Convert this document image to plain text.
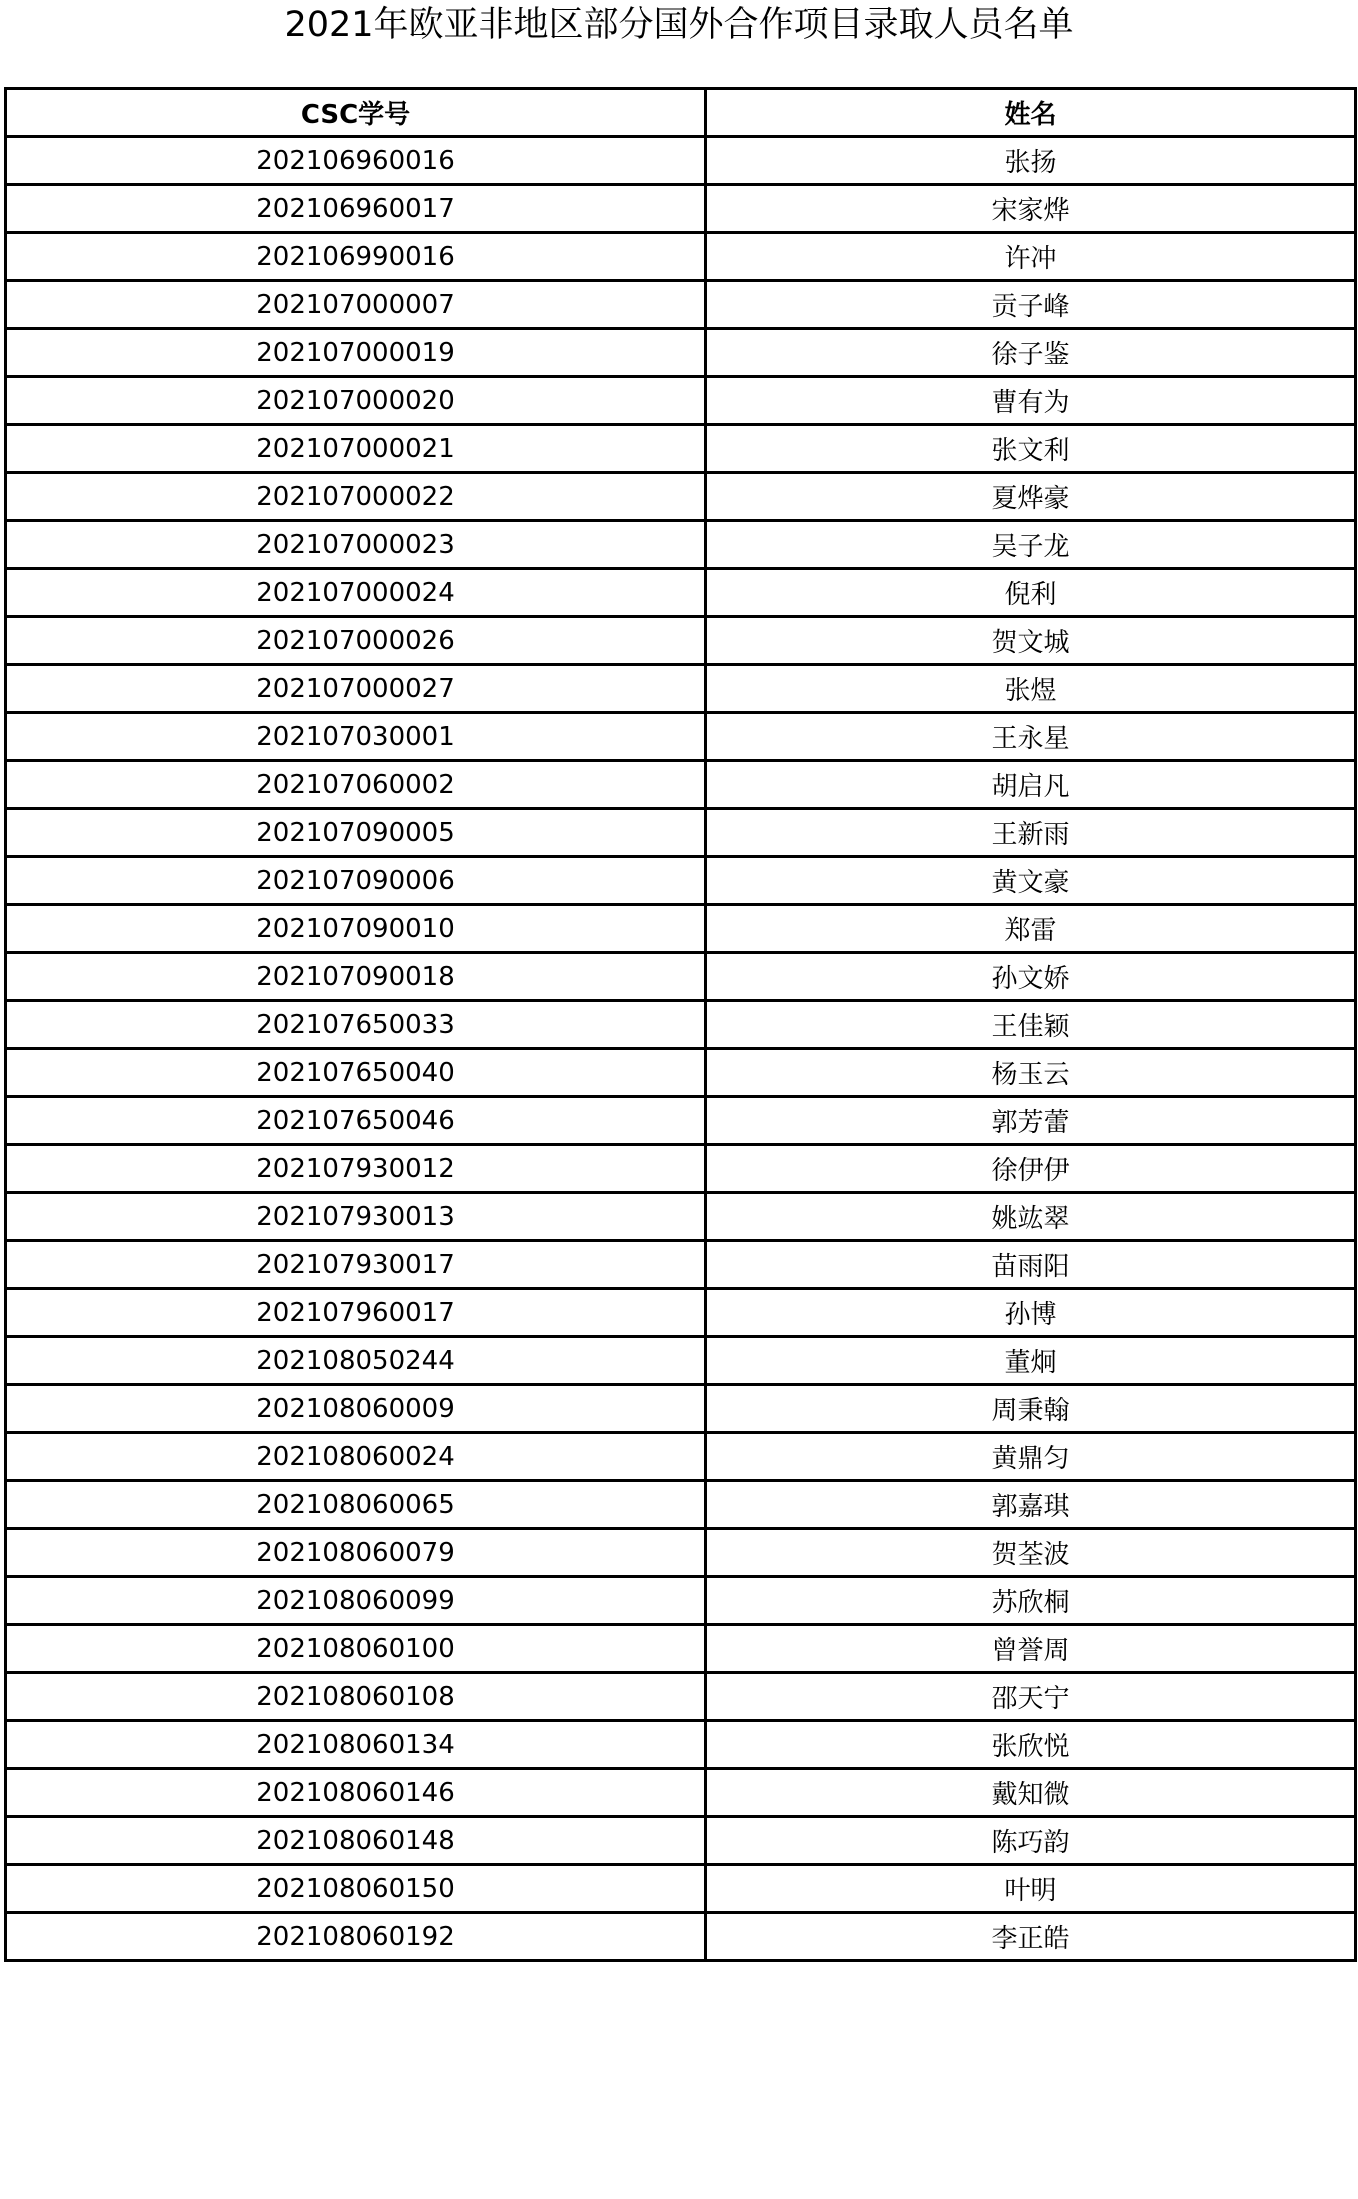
2021年欧亚非地区部分国外合作项目录取人员名单
CSC学号	姓名
202106960016	张扬
202106960017	宋家烨
202106990016	许冲
202107000007	贡子峰
202107000019	徐子鉴
202107000020	曹有为
202107000021	张文利
202107000022	夏烨豪
202107000023	吴子龙
202107000024	倪利
202107000026	贺文城
202107000027	张煜
202107030001	王永星
202107060002	胡启凡
202107090005	王新雨
202107090006	黄文豪
202107090010	郑雷
202107090018	孙文娇
202107650033	王佳颖
202107650040	杨玉云
202107650046	郭芳蕾
202107930012	徐伊伊
202107930013	姚竑翠
202107930017	苗雨阳
202107960017	孙博
202108050244	董炯
202108060009	周秉翰
202108060024	黄鼎匀
202108060065	郭嘉琪
202108060079	贺荃波
202108060099	苏欣桐
202108060100	曾誉周
202108060108	邵天宁
202108060134	张欣悦
202108060146	戴知微
202108060148	陈巧韵
202108060150	叶明
202108060192	李正皓
